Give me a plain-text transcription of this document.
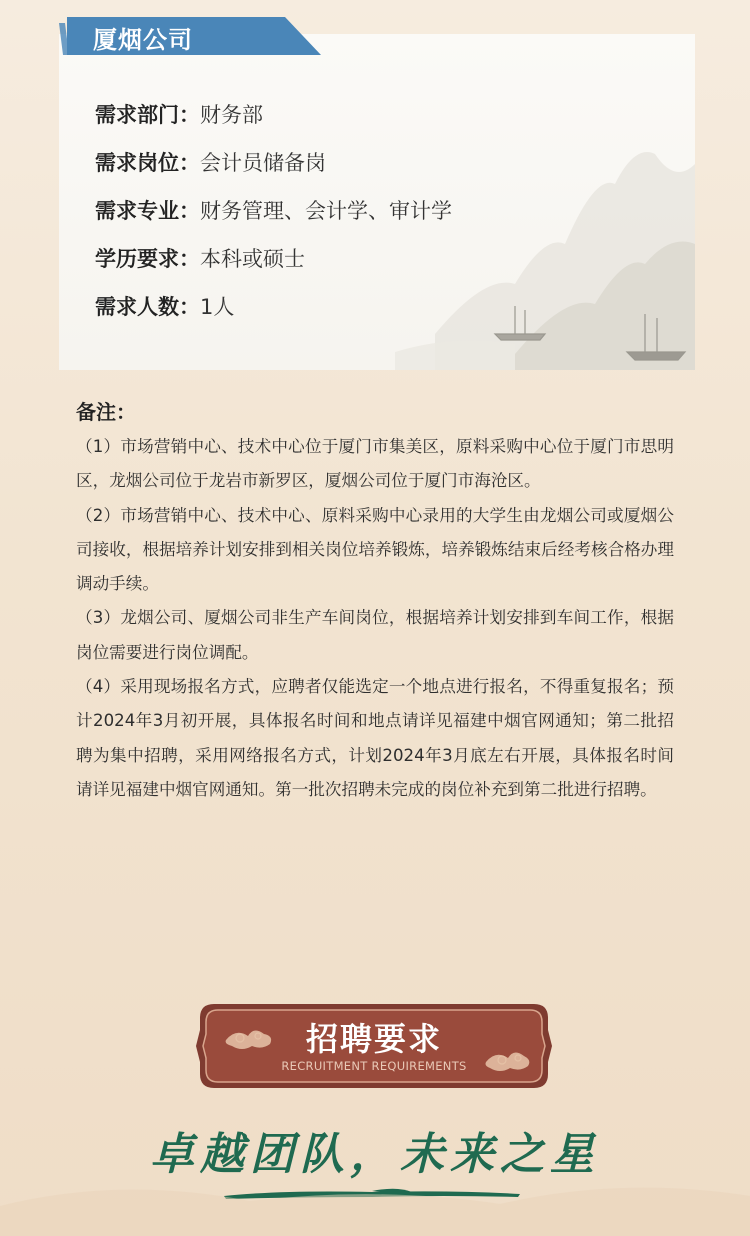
厦烟公司
需求部门：财务部
需求岗位：会计员储备岗
需求专业：财务管理、会计学、审计学
学历要求：本科或硕士
需求人数：1人
备注：

（1）市场营销中心、技术中心位于厦门市集美区，原料采购中心位于厦门市思明区，龙烟公司位于龙岩市新罗区，厦烟公司位于厦门市海沧区。

（2）市场营销中心、技术中心、原料采购中心录用的大学生由龙烟公司或厦烟公司接收，根据培养计划安排到相关岗位培养锻炼，培养锻炼结束后经考核合格办理调动手续。

（3）龙烟公司、厦烟公司非生产车间岗位，根据培养计划安排到车间工作，根据岗位需要进行岗位调配。

（4）采用现场报名方式，应聘者仅能选定一个地点进行报名，不得重复报名；预计2024年3月初开展，具体报名时间和地点请详见福建中烟官网通知；第二批招聘为集中招聘，采用网络报名方式，计划2024年3月底左右开展，具体报名时间请详见福建中烟官网通知。第一批次招聘未完成的岗位补充到第二批进行招聘。

招聘要求
RECRUITMENT REQUIREMENTS
卓越团队，未来之星
